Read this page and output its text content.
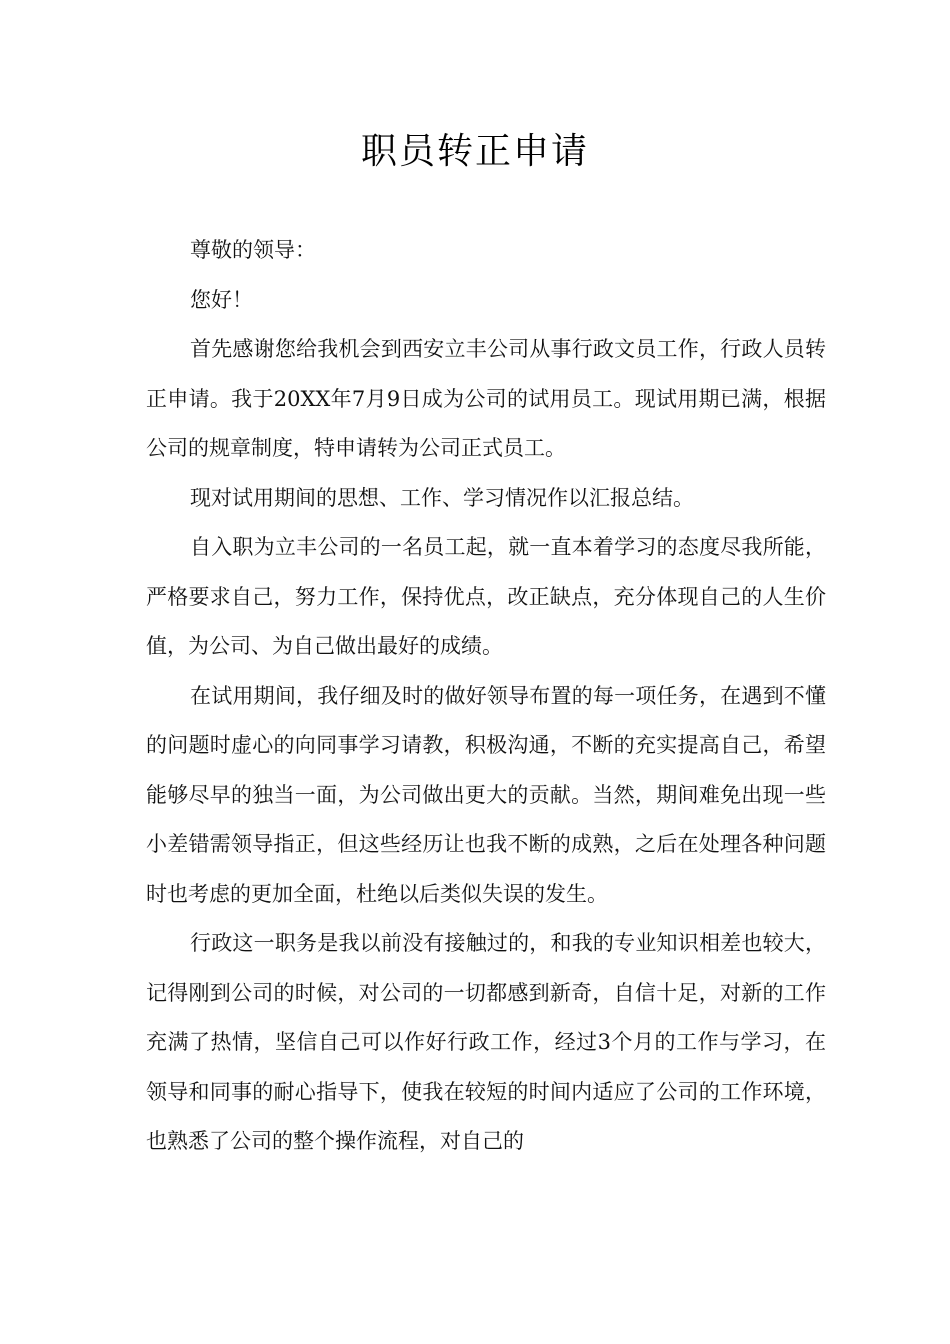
职员转正申请

尊敬的领导：

您好！

首先感谢您给我机会到西安立丰公司从事行政文员工作，行政人员转正申请。我于20XX年7月9日成为公司的试用员工。现试用期已满，根据公司的规章制度，特申请转为公司正式员工。

现对试用期间的思想、工作、学习情况作以汇报总结。

自入职为立丰公司的一名员工起，就一直本着学习的态度尽我所能，严格要求自己，努力工作，保持优点，改正缺点，充分体现自己的人生价值，为公司、为自己做出最好的成绩。

在试用期间，我仔细及时的做好领导布置的每一项任务，在遇到不懂的问题时虚心的向同事学习请教，积极沟通，不断的充实提高自己，希望能够尽早的独当一面，为公司做出更大的贡献。当然，期间难免出现一些小差错需领导指正，但这些经历让也我不断的成熟，之后在处理各种问题时也考虑的更加全面，杜绝以后类似失误的发生。

行政这一职务是我以前没有接触过的，和我的专业知识相差也较大，记得刚到公司的时候，对公司的一切都感到新奇，自信十足，对新的工作充满了热情，坚信自己可以作好行政工作，经过3个月的工作与学习，在领导和同事的耐心指导下，使我在较短的时间内适应了公司的工作环境，也熟悉了公司的整个操作流程，对自己的
